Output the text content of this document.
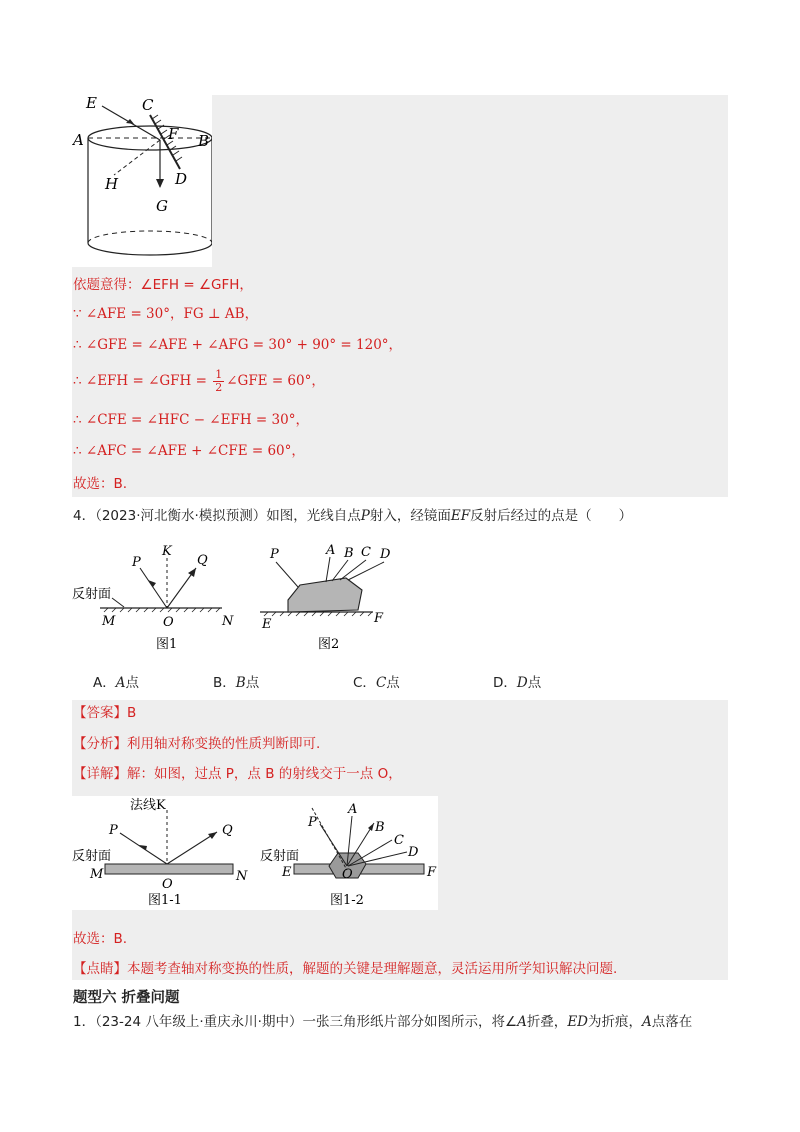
E	C
A	F B
H	D
G
依题意得：∠EFH = ∠GFH，
∵ ∠AFE = 30°，FG ⊥ AB，
∴ ∠GFE = ∠AFE + ∠AFG = 30° + 90° = 120°，
∴ ∠EFH = ∠GFH = $\frac{1}{2}$ ∠GFE = 60°，
∴ ∠CFE = ∠HFC − ∠EFH = 30°，
∴ ∠AFC = ∠AFE + ∠CFE = 60°，
故选：B.
4．（2023·河北衡水·模拟预测）如图，光线自点P射入，经镜面EF反射后经过的点是（　　）
反射面
K
P	Q
M	O	N
图1
P	A B C D
E	F
图2
A．A点	B．B点	C．C点	D．D点
【答案】B
【分析】利用轴对称变换的性质判断即可.
【详解】解：如图，过点 P，点 B 的射线交于一点 O，
法线K
P	Q
反射面
M
O
N
图1-1
反射面
P
A
B
C
D
E	O	F
图1-2
故选：B.
【点睛】本题考查轴对称变换的性质，解题的关键是理解题意，灵活运用所学知识解决问题.
题型六 折叠问题
1．（23-24 八年级上·重庆永川·期中）一张三角形纸片部分如图所示，将∠A折叠，ED为折痕，A点落在
